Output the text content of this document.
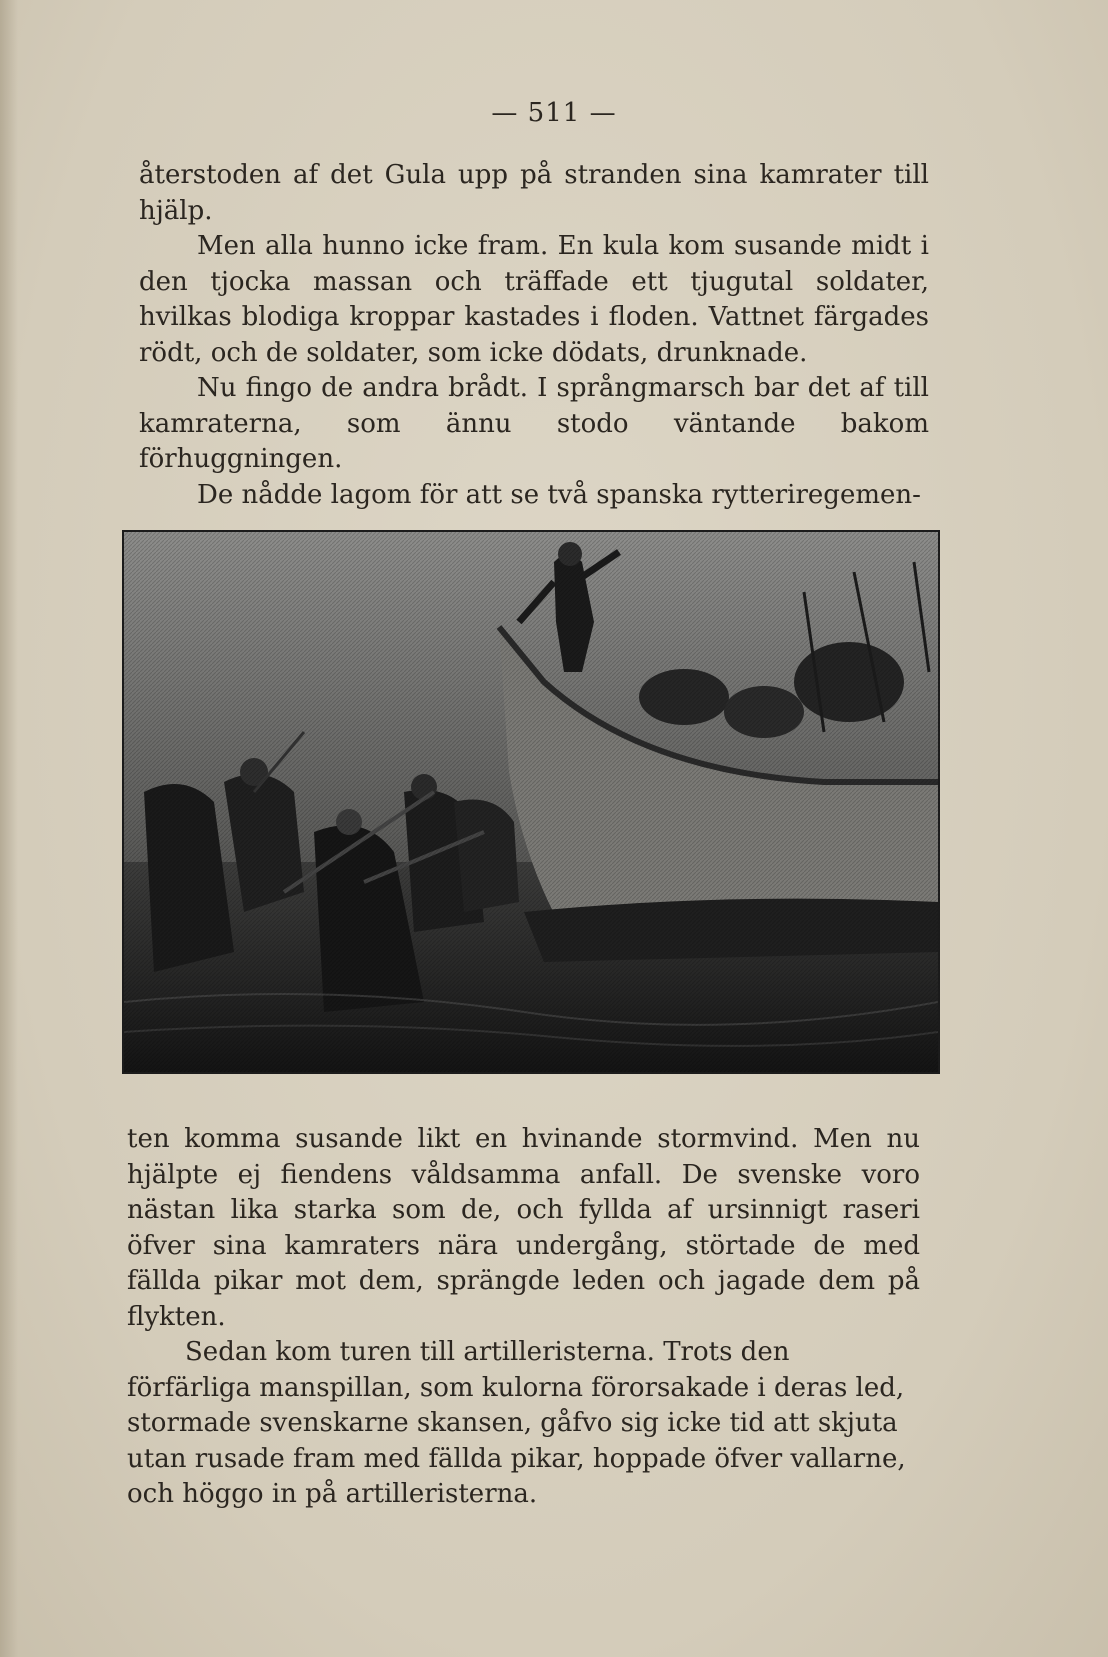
— 511 —

återstoden af det Gula upp på stranden sina kamrater till hjälp.

Men alla hunno icke fram. En kula kom susande midt i den tjocka massan och träffade ett tjugutal soldater, hvilkas blodiga kroppar kastades i floden. Vattnet färgades rödt, och de soldater, som icke dödats, drunknade.

Nu fingo de andra brådt. I språngmarsch bar det af till kamraterna, som ännu stodo väntande bakom förhuggningen.

De nådde lagom för att se två spanska rytteriregemen-

ten komma susande likt en hvinande stormvind. Men nu hjälpte ej fiendens våldsamma anfall. De svenske voro nästan lika starka som de, och fyllda af ursinnigt raseri öfver sina kamraters nära undergång, störtade de med fällda pikar mot dem, sprängde leden och jagade dem på flykten.

Sedan kom turen till artilleristerna. Trots den förfärliga manspillan, som kulorna förorsakade i deras led, stormade svenskarne skansen, gåfvo sig icke tid att skjuta utan rusade fram med fällda pikar, hoppade öfver vallarne, och höggo in på artilleristerna.
